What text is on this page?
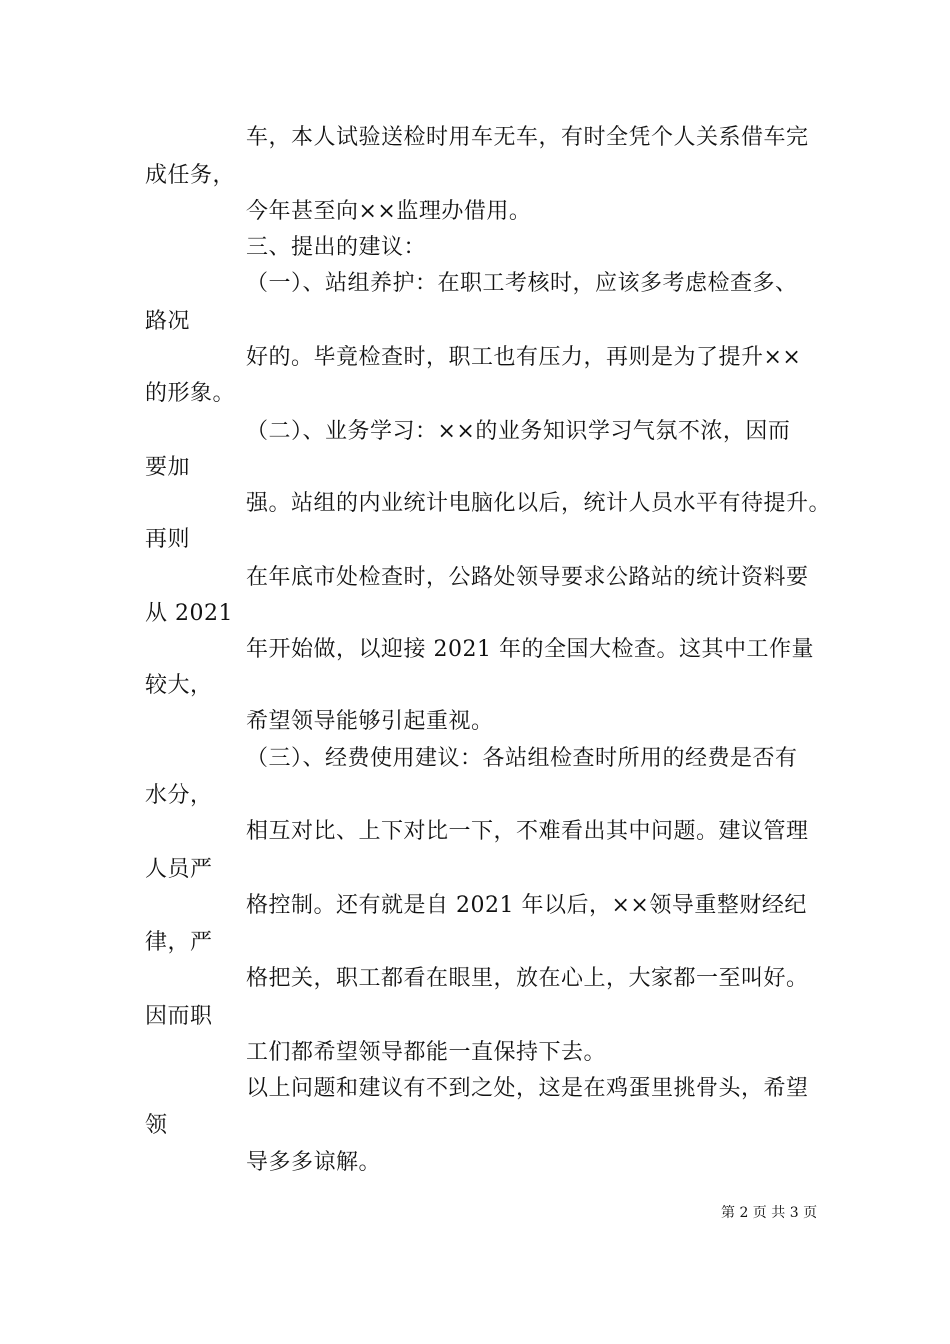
车，本人试验送检时用车无车，有时全凭个人关系借车完
成任务，
今年甚至向××监理办借用。
三、提出的建议：
（一）、站组养护：在职工考核时，应该多考虑检查多、
路况
好的。毕竟检查时，职工也有压力，再则是为了提升××
的形象。
（二）、业务学习：××的业务知识学习气氛不浓，因而
要加
强。站组的内业统计电脑化以后，统计人员水平有待提升。
再则
在年底市处检查时，公路处领导要求公路站的统计资料要
从 2021
年开始做，以迎接 2021 年的全国大检查。这其中工作量
较大，
希望领导能够引起重视。
（三）、经费使用建议：各站组检查时所用的经费是否有
水分，
相互对比、上下对比一下，不难看出其中问题。建议管理
人员严
格控制。还有就是自 2021 年以后，××领导重整财经纪
律，严
格把关，职工都看在眼里，放在心上，大家都一至叫好。
因而职
工们都希望领导都能一直保持下去。
以上问题和建议有不到之处，这是在鸡蛋里挑骨头，希望
领
导多多谅解。
第 2 页 共 3 页
